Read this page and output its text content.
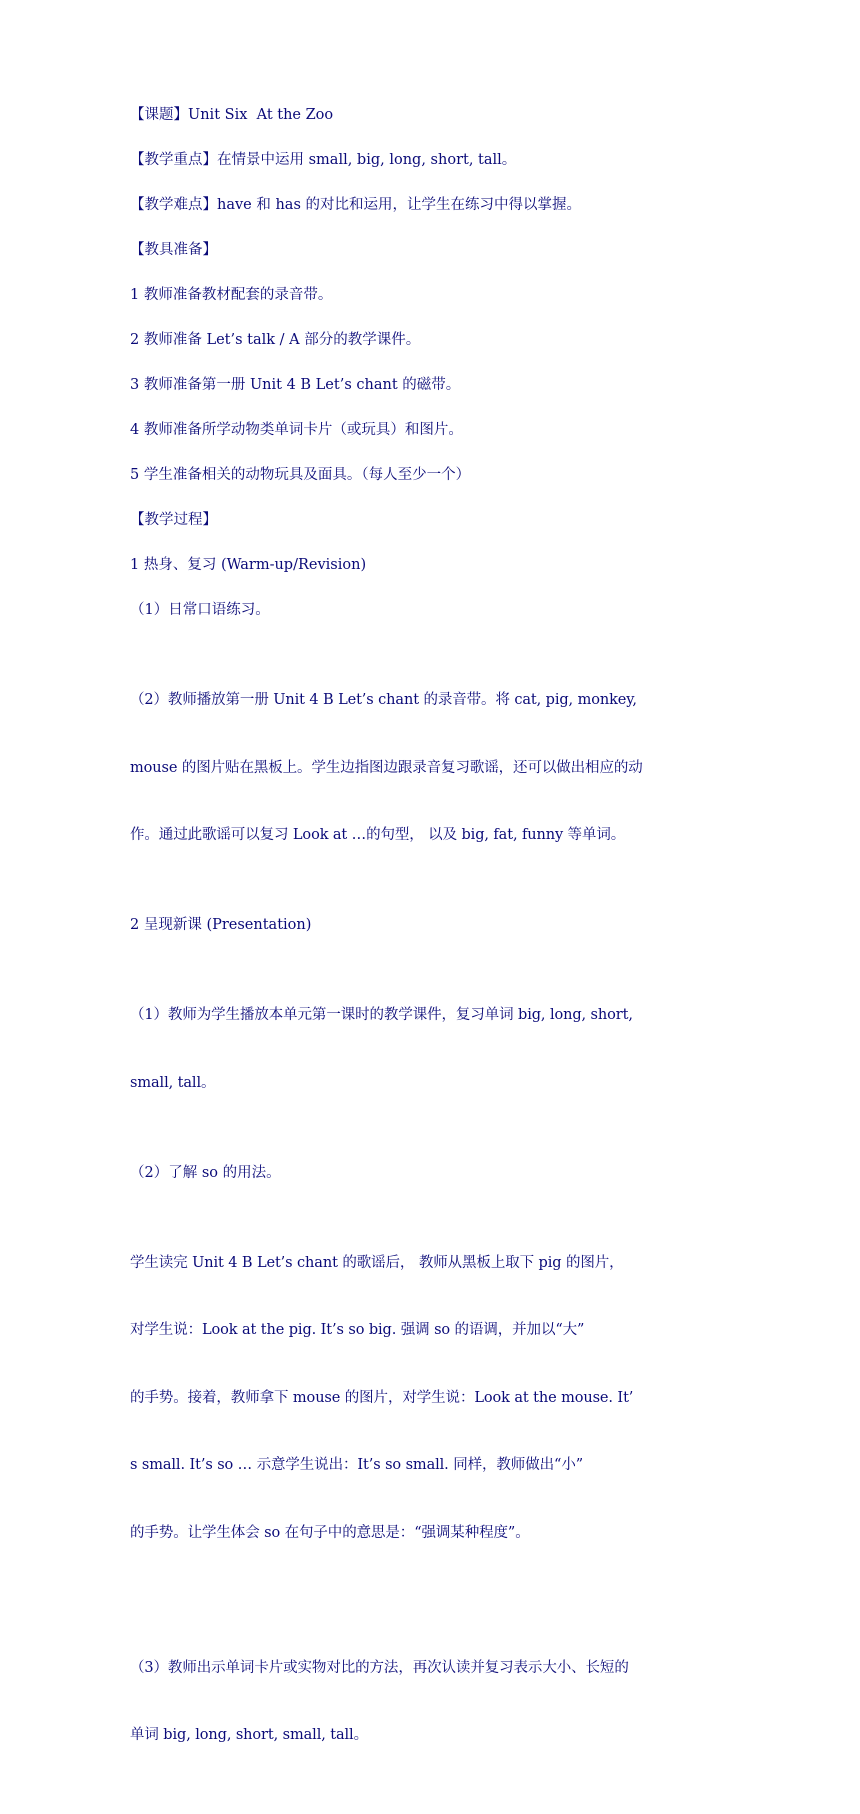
【课题】Unit Six  At the Zoo

【教学重点】在情景中运用 small, big, long, short, tall。

【教学难点】have 和 has 的对比和运用，让学生在练习中得以掌握。

【教具准备】

1 教师准备教材配套的录音带。

2 教师准备 Let’s talk / A 部分的教学课件。

3 教师准备第一册 Unit 4 B Let’s chant 的磁带。

4 教师准备所学动物类单词卡片（或玩具）和图片。

5 学生准备相关的动物玩具及面具。（每人至少一个）

【教学过程】

1 热身、复习 (Warm-up/Revision)

（1）日常口语练习。

（2）教师播放第一册 Unit 4 B Let’s chant 的录音带。将 cat, pig, monkey,

mouse 的图片贴在黑板上。学生边指图边跟录音复习歌谣，还可以做出相应的动

作。通过此歌谣可以复习 Look at …的句型， 以及 big, fat, funny 等单词。

2 呈现新课 (Presentation)

（1）教师为学生播放本单元第一课时的教学课件，复习单词 big, long, short,

small, tall。

（2）了解 so 的用法。

学生读完 Unit 4 B Let’s chant 的歌谣后， 教师从黑板上取下 pig 的图片，

对学生说：Look at the pig. It’s so big. 强调 so 的语调，并加以“大”

的手势。接着，教师拿下 mouse 的图片，对学生说：Look at the mouse. It’

s small. It’s so … 示意学生说出：It’s so small. 同样，教师做出“小”

的手势。让学生体会 so 在句子中的意思是：“强调某种程度”。

（3）教师出示单词卡片或实物对比的方法，再次认读并复习表示大小、长短的

单词 big, long, short, small, tall。
